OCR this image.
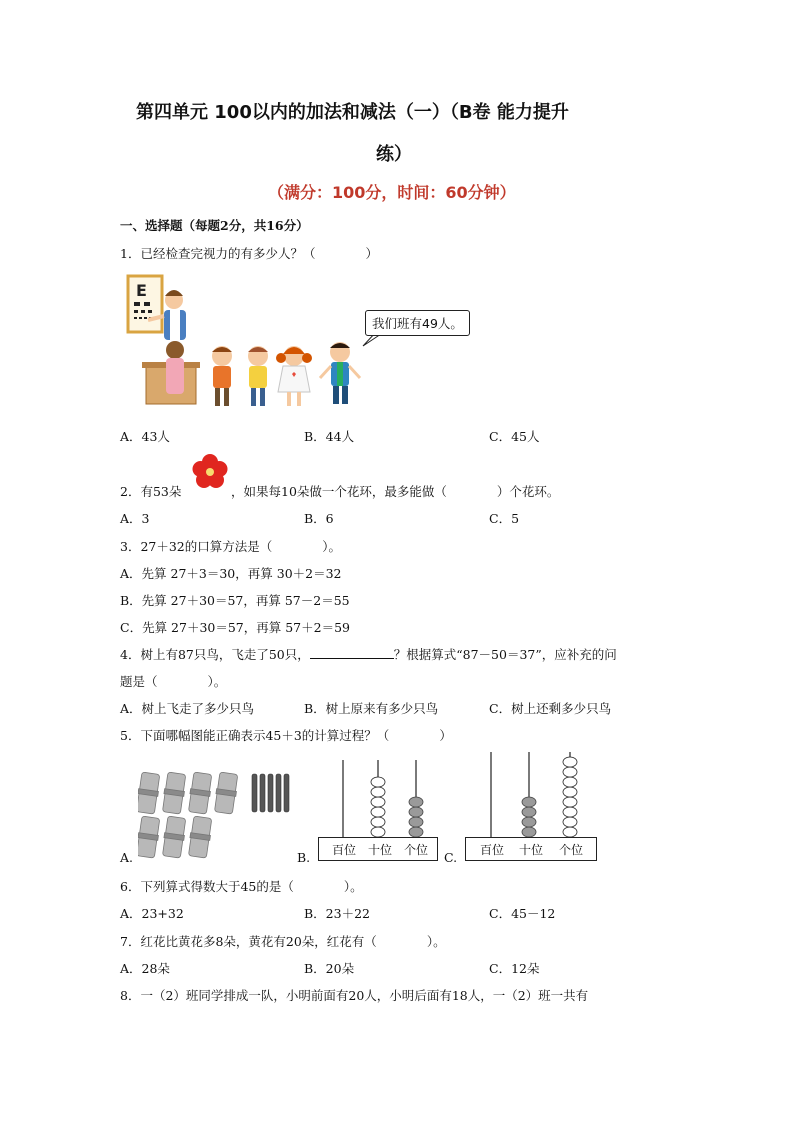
第四单元 100以内的加法和减法（一）（B卷 能力提升
练）
（满分：100分，时间：60分钟）
一、选择题（每题2分，共16分）
1．已经检查完视力的有多少人？（　　　　）
E
我们班有49人。
A．43人	B．44人	C．45人
2．有53朵	，如果每10朵做一个花环，最多能做（　　　　）个花环。
A．3	B．6	C．5
3．27＋32的口算方法是（　　　　）。
A．先算 27＋3＝30，再算 30＋2＝32
B．先算 27＋30＝57，再算 57－2＝55
C．先算 27＋30＝57，再算 57＋2＝59
4．树上有87只鸟，飞走了50只，	？根据算式“87－50＝37”，应补充的问
题是（　　　　）。
A．树上飞走了多少只鸟	B．树上原来有多少只鸟	C．树上还剩多少只鸟
5．下面哪幅图能正确表示45＋3的计算过程？（　　　　）
A.	百位 十位 个位
B.	百位 十位 个位
C.
6．下列算式得数大于45的是（　　　　）。
A．23+32	B．23＋22	C．45－12
7．红花比黄花多8朵，黄花有20朵，红花有（　　　　）。
A．28朵	B．20朵	C．12朵
8．一（2）班同学排成一队，小明前面有20人，小明后面有18人，一（2）班一共有
